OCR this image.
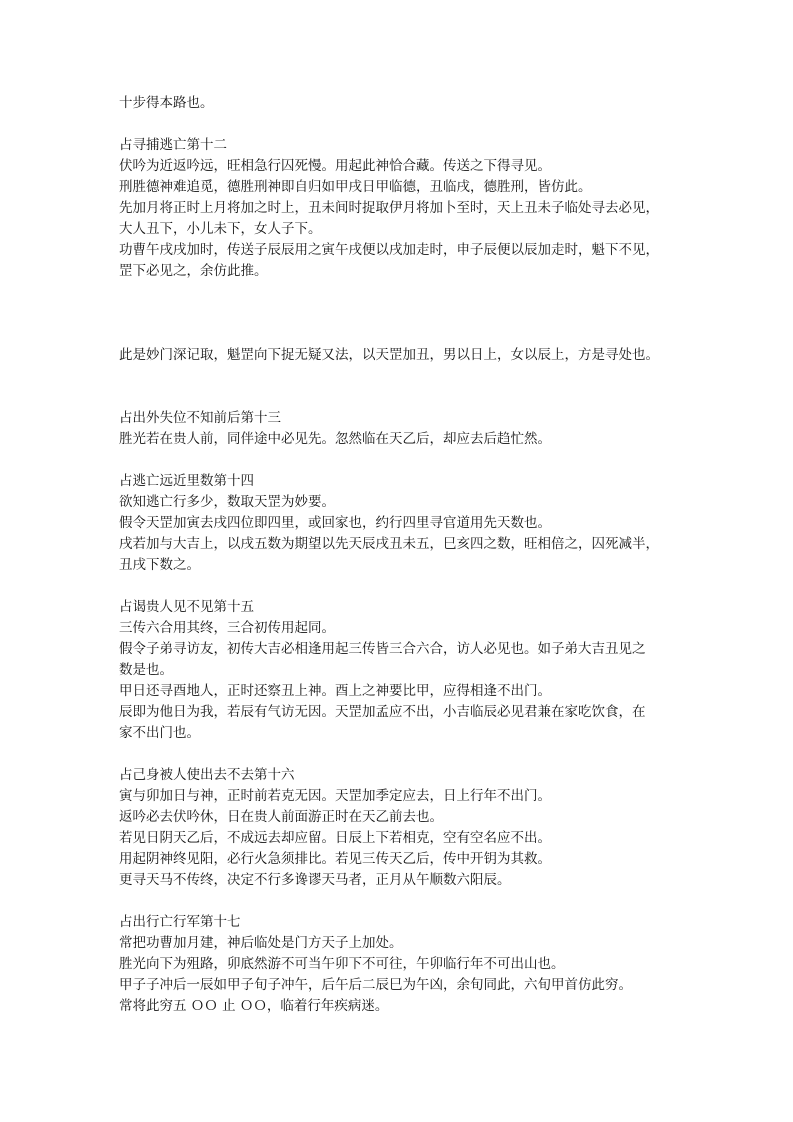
十步得本路也。

占寻捕逃亡第十二

伏吟为近返吟远，旺相急行囚死慢。用起此神恰合藏。传送之下得寻见。

刑胜德神难追觅，德胜刑神即自归如甲戌日甲临德，丑临戌，德胜刑，皆仿此。

先加月将正时上月将加之时上，丑未间时捉取伊月将加卜至时，天上丑未子临处寻去必见，

大人丑下，小儿未下，女人子下。

功曹午戌戌加时，传送子辰辰用之寅午戌便以戌加走时，申子辰便以辰加走时，魁下不见，

罡下必见之，余仿此推。

此是妙门深记取，魁罡向下捉无疑又法，以天罡加丑，男以日上，女以辰上，方是寻处也。

占出外失位不知前后第十三

胜光若在贵人前，同伴途中必见先。忽然临在天乙后，却应去后趋忙然。

占逃亡远近里数第十四

欲知逃亡行多少，数取天罡为妙要。

假令天罡加寅去戌四位即四里，或回家也，约行四里寻官道用先天数也。

戌若加与大吉上，以戌五数为期望以先天辰戌丑未五，巳亥四之数，旺相倍之，囚死减半，

丑戌下数之。

占谒贵人见不见第十五

三传六合用其终，三合初传用起同。

假令子弟寻访友，初传大吉必相逢用起三传皆三合六合，访人必见也。如子弟大吉丑见之

数是也。

甲日还寻酉地人，正时还察丑上神。酉上之神要比甲，应得相逢不出门。

辰即为他日为我，若辰有气访无因。天罡加孟应不出，小吉临辰必见君兼在家吃饮食，在

家不出门也。

占己身被人使出去不去第十六

寅与卯加日与神，正时前若克无因。天罡加季定应去，日上行年不出门。

返吟必去伏吟休，日在贵人前面游正时在天乙前去也。

若见日阴天乙后，不成远去却应留。日辰上下若相克，空有空名应不出。

用起阴神终见阳，必行火急须排比。若见三传天乙后，传中开钥为其救。

更寻天马不传终，决定不行多谗谬天马者，正月从午顺数六阳辰。

占出行亡行军第十七

常把功曹加月建，神后临处是门方天子上加处。

胜光向下为殂路，卯底然游不可当午卯下不可往，午卯临行年不可出山也。

甲子子冲后一辰如甲子旬子冲午，后午后二辰巳为午凶，余旬同此，六旬甲首仿此穷。

常将此穷五 ＯＯ 止 ＯＯ，临着行年疾病迷。
